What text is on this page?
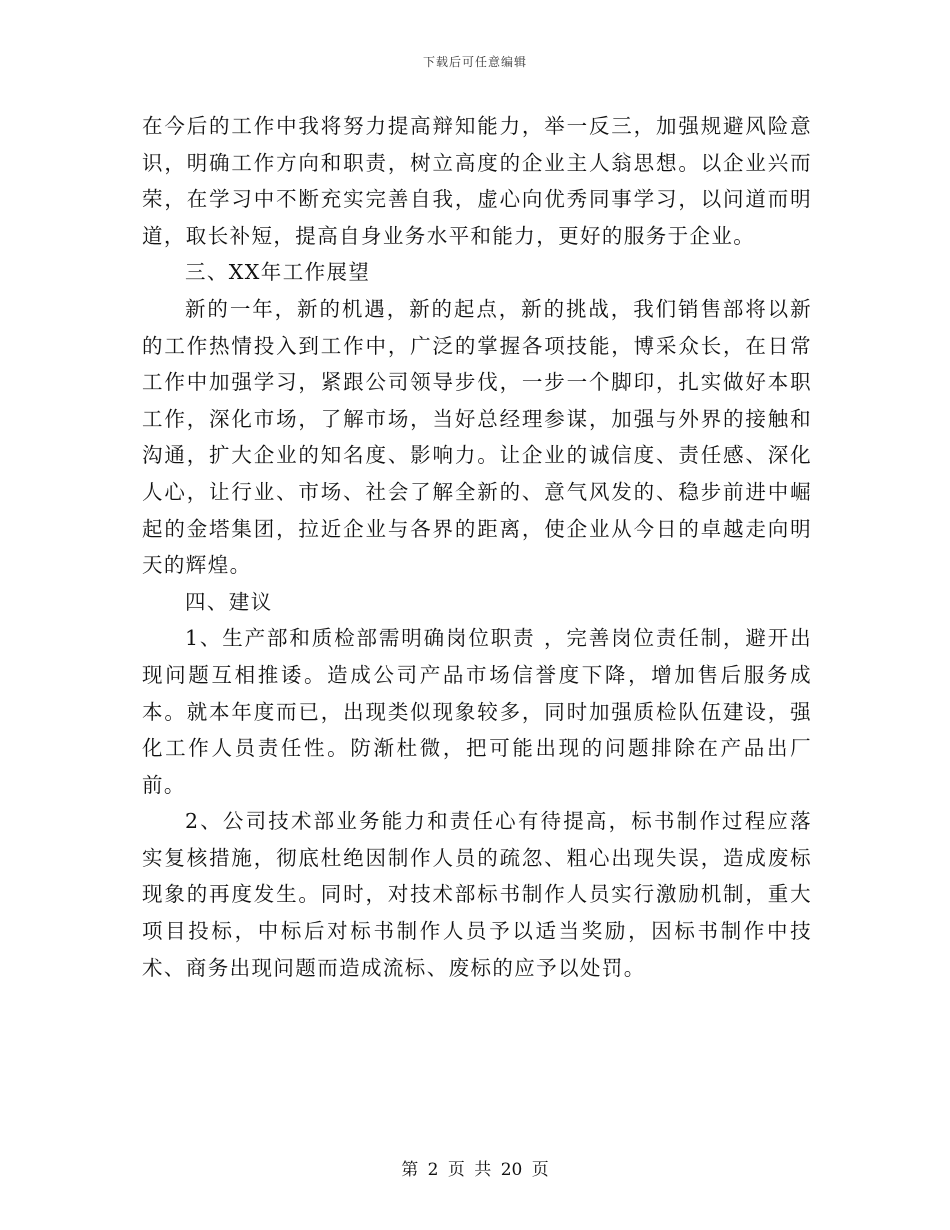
下载后可任意编辑

在今后的工作中我将努力提高辩知能力，举一反三，加强规避风险意识，明确工作方向和职责，树立高度的企业主人翁思想。以企业兴而荣，在学习中不断充实完善自我，虚心向优秀同事学习，以问道而明道，取长补短，提高自身业务水平和能力，更好的服务于企业。

三、XX年工作展望

新的一年，新的机遇，新的起点，新的挑战，我们销售部将以新的工作热情投入到工作中，广泛的掌握各项技能，博采众长，在日常工作中加强学习，紧跟公司领导步伐，一步一个脚印，扎实做好本职工作，深化市场，了解市场，当好总经理参谋，加强与外界的接触和沟通，扩大企业的知名度、影响力。让企业的诚信度、责任感、深化人心，让行业、市场、社会了解全新的、意气风发的、稳步前进中崛起的金塔集团，拉近企业与各界的距离，使企业从今日的卓越走向明天的辉煌。

四、建议

1、生产部和质检部需明确岗位职责 ，完善岗位责任制，避开出现问题互相推诿。造成公司产品市场信誉度下降，增加售后服务成本。就本年度而已，出现类似现象较多，同时加强质检队伍建设，强化工作人员责任性。防渐杜微，把可能出现的问题排除在产品出厂前。

2、公司技术部业务能力和责任心有待提高，标书制作过程应落实复核措施，彻底杜绝因制作人员的疏忽、粗心出现失误，造成废标现象的再度发生。同时，对技术部标书制作人员实行激励机制，重大项目投标，中标后对标书制作人员予以适当奖励，因标书制作中技术、商务出现问题而造成流标、废标的应予以处罚。

第 2 页 共 20 页
